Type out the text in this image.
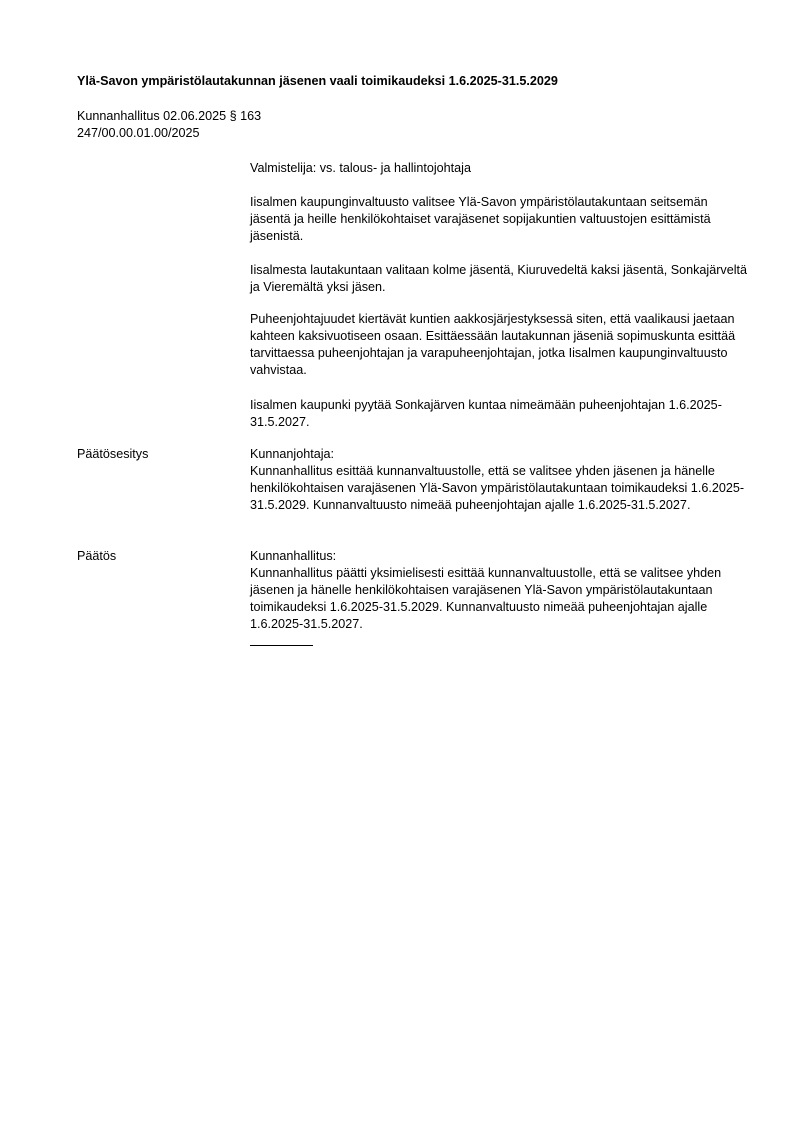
Ylä-Savon ympäristölautakunnan jäsenen vaali toimikaudeksi 1.6.2025-31.5.2029
Kunnanhallitus 02.06.2025 § 163
247/00.00.01.00/2025

Valmistelija: vs. talous- ja hallintojohtaja

Iisalmen kaupunginvaltuusto valitsee Ylä-Savon ympäristölautakuntaan seitsemän jäsentä ja heille henkilökohtaiset varajäsenet sopijakuntien valtuustojen esittämistä jäsenistä.

Iisalmesta lautakuntaan valitaan kolme jäsentä, Kiuruvedeltä kaksi jäsentä, Sonkajärveltä ja Vieremältä yksi jäsen.

Puheenjohtajuudet kiertävät kuntien aakkosjärjestyksessä siten, että vaalikausi jaetaan kahteen kaksivuotiseen osaan. Esittäessään lautakunnan jäseniä sopimuskunta esittää tarvittaessa puheenjohtajan ja varapuheenjohtajan, jotka Iisalmen kaupunginvaltuusto vahvistaa.

Iisalmen kaupunki pyytää Sonkajärven kuntaa nimeämään puheenjohtajan 1.6.2025-31.5.2027.

Päätösesitys	Kunnanjohtaja:

Kunnanhallitus esittää kunnanvaltuustolle, että se valitsee yhden jäsenen ja hänelle henkilökohtaisen varajäsenen Ylä-Savon ympäristölautakuntaan toimikaudeksi 1.6.2025-31.5.2029. Kunnanvaltuusto nimeää puheenjohtajan ajalle 1.6.2025-31.5.2027.

Päätös	Kunnanhallitus:

Kunnanhallitus päätti yksimielisesti esittää kunnanvaltuustolle, että se valitsee yhden jäsenen ja hänelle henkilökohtaisen varajäsenen Ylä-Savon ympäristölautakuntaan toimikaudeksi 1.6.2025-31.5.2029. Kunnanvaltuusto nimeää puheenjohtajan ajalle 1.6.2025-31.5.2027.
